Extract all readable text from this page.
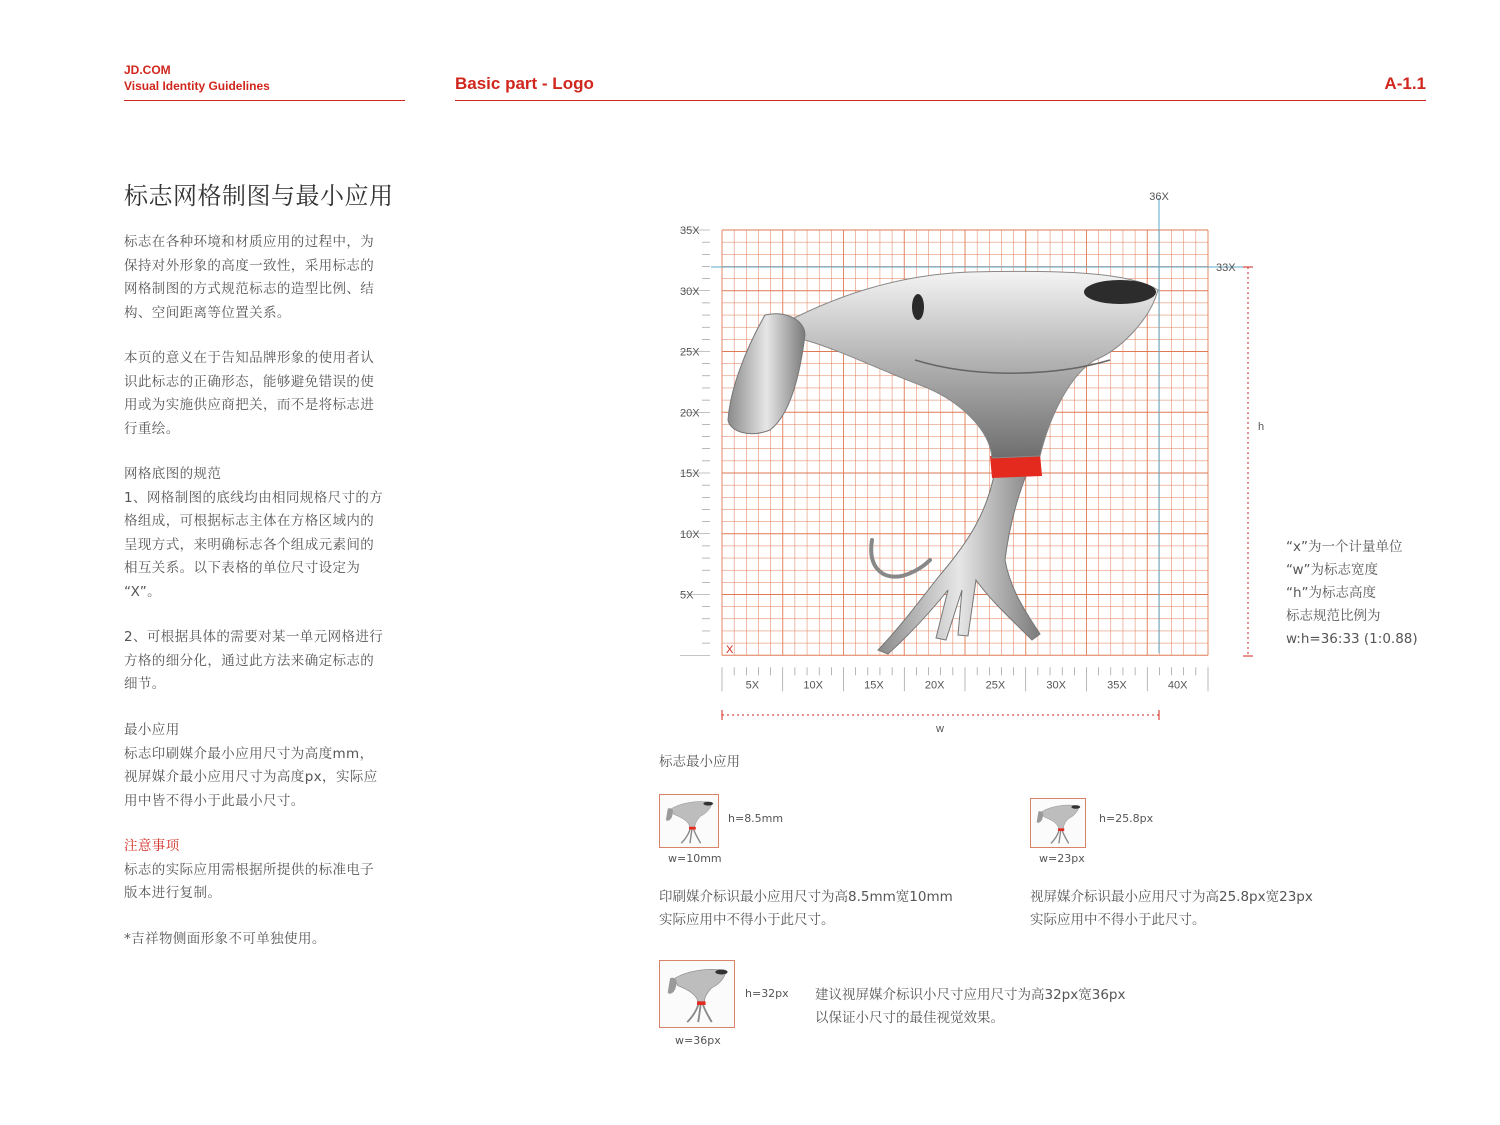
JD.COM
Visual Identity Guidelines	Basic part - Logo	A-1.1
标志网格制图与最小应用

标志在各种环境和材质应用的过程中，为

保持对外形象的高度一致性，采用标志的

网格制图的方式规范标志的造型比例、结

构、空间距离等位置关系。

本页的意义在于告知品牌形象的使用者认

识此标志的正确形态，能够避免错误的使

用或为实施供应商把关，而不是将标志进

行重绘。

网格底图的规范

1、网格制图的底线均由相同规格尺寸的方

格组成，可根据标志主体在方格区域内的

呈现方式，来明确标志各个组成元素间的

相互关系。以下表格的单位尺寸设定为

“X”。

2、可根据具体的需要对某一单元网格进行

方格的细分化，通过此方法来确定标志的

细节。

最小应用

标志印刷媒介最小应用尺寸为高度mm，

视屏媒介最小应用尺寸为高度px，实际应

用中皆不得小于此最小尺寸。

注意事项

标志的实际应用需根据所提供的标准电子

版本进行复制。

*吉祥物侧面形象不可单独使用。
36X
33X
h
w
X
35X
30X
25X
20X
15X
10X
5X
5X	10X	15X	20X	25X	30X	35X	40X
“x”为一个计量单位
“w”为标志宽度
“h”为标志高度
标志规范比例为
w:h=36:33 (1:0.88)
标志最小应用
h=8.5mm
w=10mm
印刷媒介标识最小应用尺寸为高8.5mm宽10mm
实际应用中不得小于此尺寸。
h=25.8px
w=23px
视屏媒介标识最小应用尺寸为高25.8px宽23px
实际应用中不得小于此尺寸。
h=32px
w=36px
建议视屏媒介标识小尺寸应用尺寸为高32px宽36px
以保证小尺寸的最佳视觉效果。
